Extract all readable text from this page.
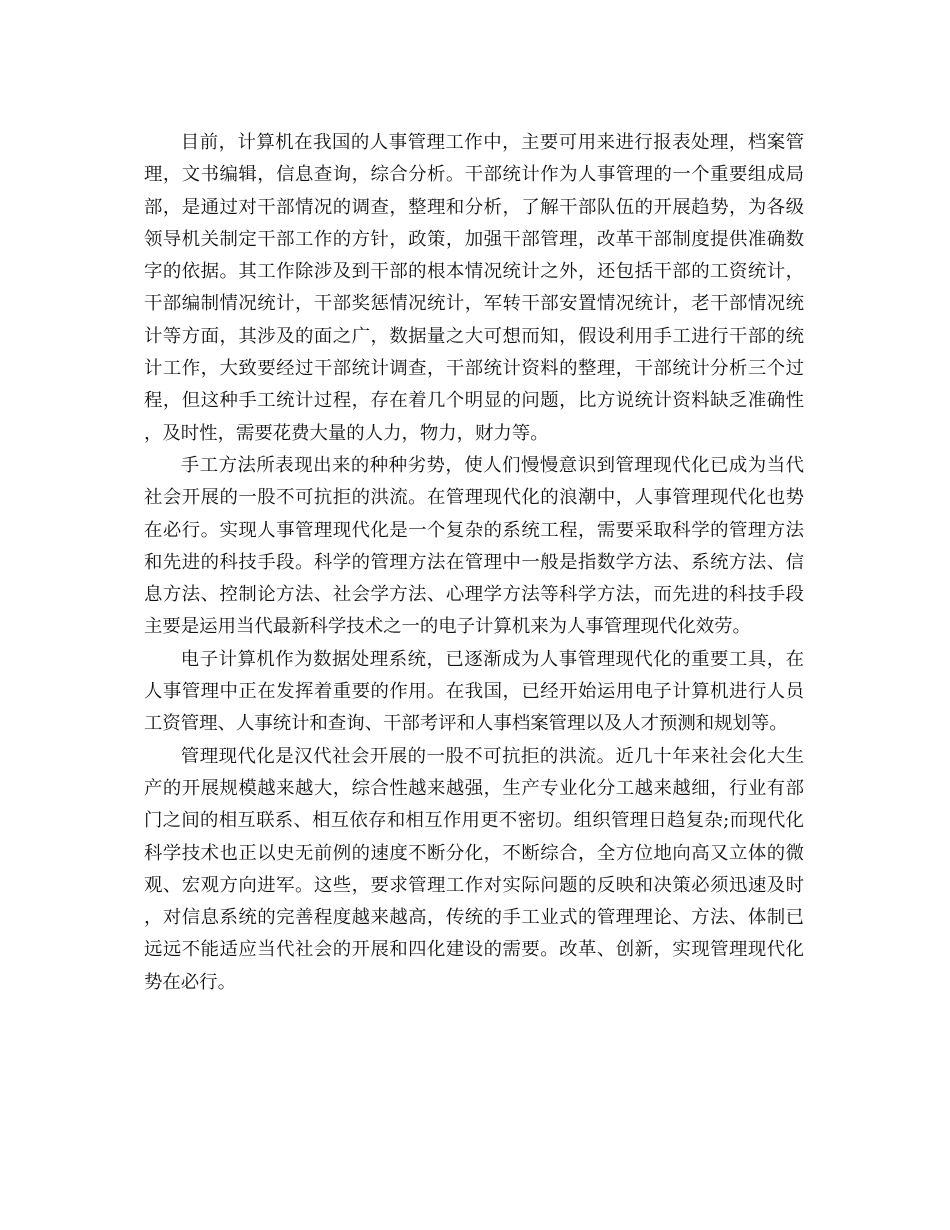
目前，计算机在我国的人事管理工作中，主要可用来进行报表处理，档案管理，文书编辑，信息查询，综合分析。干部统计作为人事管理的一个重要组成局部，是通过对干部情况的调查，整理和分析，了解干部队伍的开展趋势，为各级领导机关制定干部工作的方针，政策，加强干部管理，改革干部制度提供准确数字的依据。其工作除涉及到干部的根本情况统计之外，还包括干部的工资统计，干部编制情况统计，干部奖惩情况统计，军转干部安置情况统计，老干部情况统计等方面，其涉及的面之广，数据量之大可想而知，假设利用手工进行干部的统计工作，大致要经过干部统计调查，干部统计资料的整理，干部统计分析三个过程，但这种手工统计过程，存在着几个明显的问题，比方说统计资料缺乏准确性，及时性，需要花费大量的人力，物力，财力等。

手工方法所表现出来的种种劣势，使人们慢慢意识到管理现代化已成为当代社会开展的一股不可抗拒的洪流。在管理现代化的浪潮中，人事管理现代化也势在必行。实现人事管理现代化是一个复杂的系统工程，需要采取科学的管理方法和先进的科技手段。科学的管理方法在管理中一般是指数学方法、系统方法、信息方法、控制论方法、社会学方法、心理学方法等科学方法，而先进的科技手段主要是运用当代最新科学技术之一的电子计算机来为人事管理现代化效劳。

电子计算机作为数据处理系统，已逐渐成为人事管理现代化的重要工具，在人事管理中正在发挥着重要的作用。在我国，已经开始运用电子计算机进行人员工资管理、人事统计和查询、干部考评和人事档案管理以及人才预测和规划等。

管理现代化是汉代社会开展的一股不可抗拒的洪流。近几十年来社会化大生产的开展规模越来越大，综合性越来越强，生产专业化分工越来越细，行业有部门之间的相互联系、相互依存和相互作用更不密切。组织管理日趋复杂;而现代化科学技术也正以史无前例的速度不断分化，不断综合，全方位地向高又立体的微观、宏观方向进军。这些，要求管理工作对实际问题的反映和决策必须迅速及时，对信息系统的完善程度越来越高，传统的手工业式的管理理论、方法、体制已远远不能适应当代社会的开展和四化建设的需要。改革、创新，实现管理现代化势在必行。
